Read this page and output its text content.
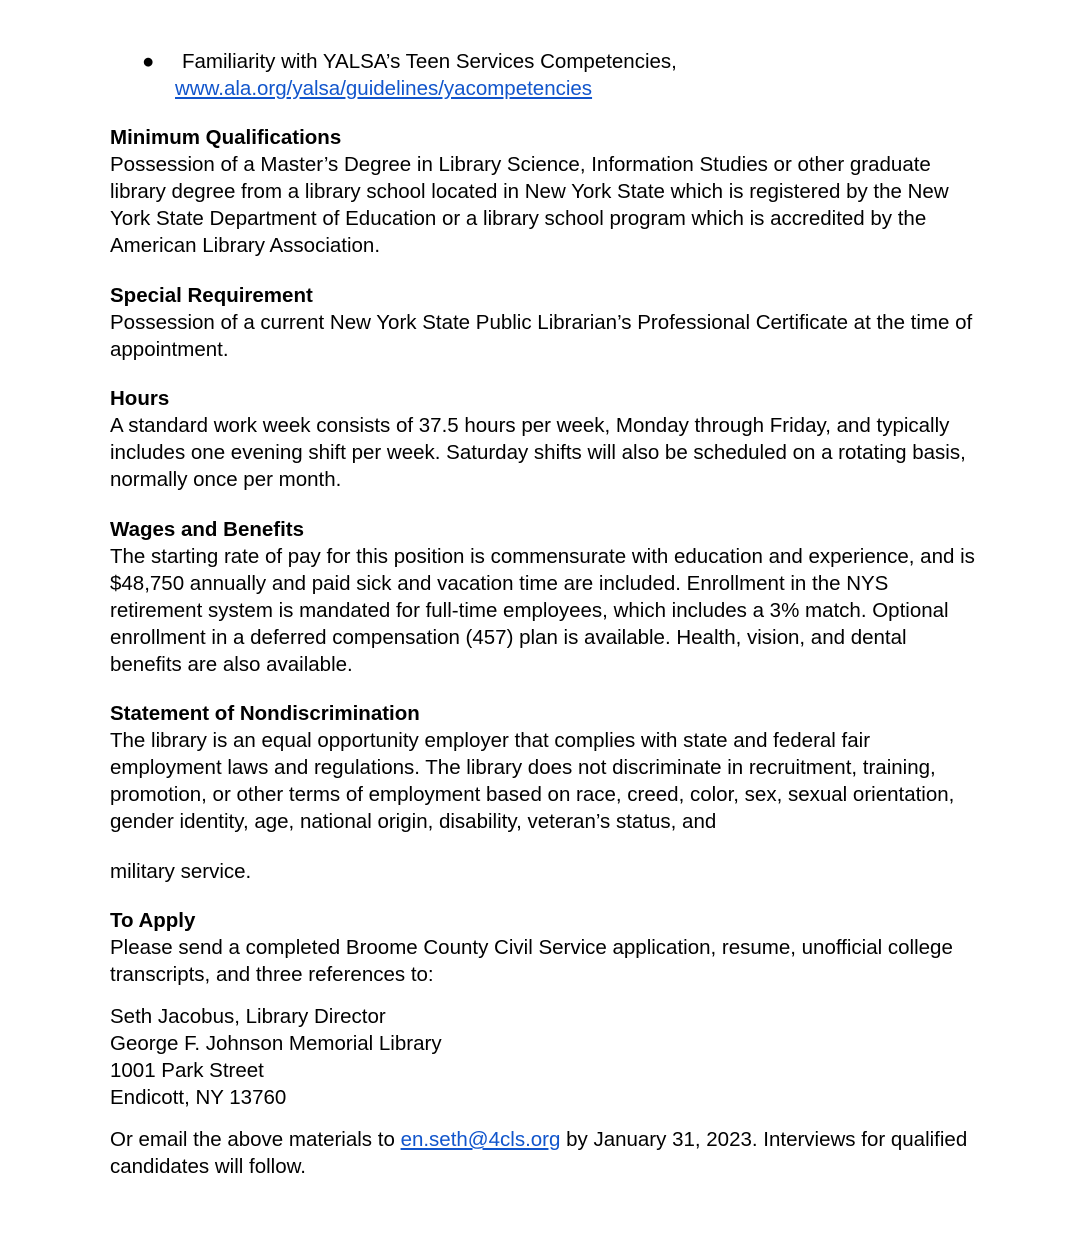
●	Familiarity with YALSA’s Teen Services Competencies,
www.ala.org/yalsa/guidelines/yacompetencies
Minimum Qualifications
Possession of a Master’s Degree in Library Science, Information Studies or other graduate library degree from a library school located in New York State which is registered by the New York State Department of Education or a library school program which is accredited by the American Library Association.
Special Requirement
Possession of a current New York State Public Librarian’s Professional Certificate at the time of appointment.
Hours
A standard work week consists of 37.5 hours per week, Monday through Friday, and typically includes one evening shift per week. Saturday shifts will also be scheduled on a rotating basis, normally once per month.
Wages and Benefits
The starting rate of pay for this position is commensurate with education and experience, and is $48,750 annually and paid sick and vacation time are included. Enrollment in the NYS retirement system is mandated for full-time employees, which includes a 3% match. Optional enrollment in a deferred compensation (457) plan is available. Health, vision, and dental benefits are also available.
Statement of Nondiscrimination
The library is an equal opportunity employer that complies with state and federal fair employment laws and regulations. The library does not discriminate in recruitment, training, promotion, or other terms of employment based on race, creed, color, sex, sexual orientation, gender identity, age, national origin, disability, veteran’s status, and
military service.
To Apply
Please send a completed Broome County Civil Service application, resume, unofficial college transcripts, and three references to:
Seth Jacobus, Library Director
George F. Johnson Memorial Library
1001 Park Street
Endicott, NY 13760
Or email the above materials to en.seth@4cls.org by January 31, 2023. Interviews for qualified candidates will follow.
